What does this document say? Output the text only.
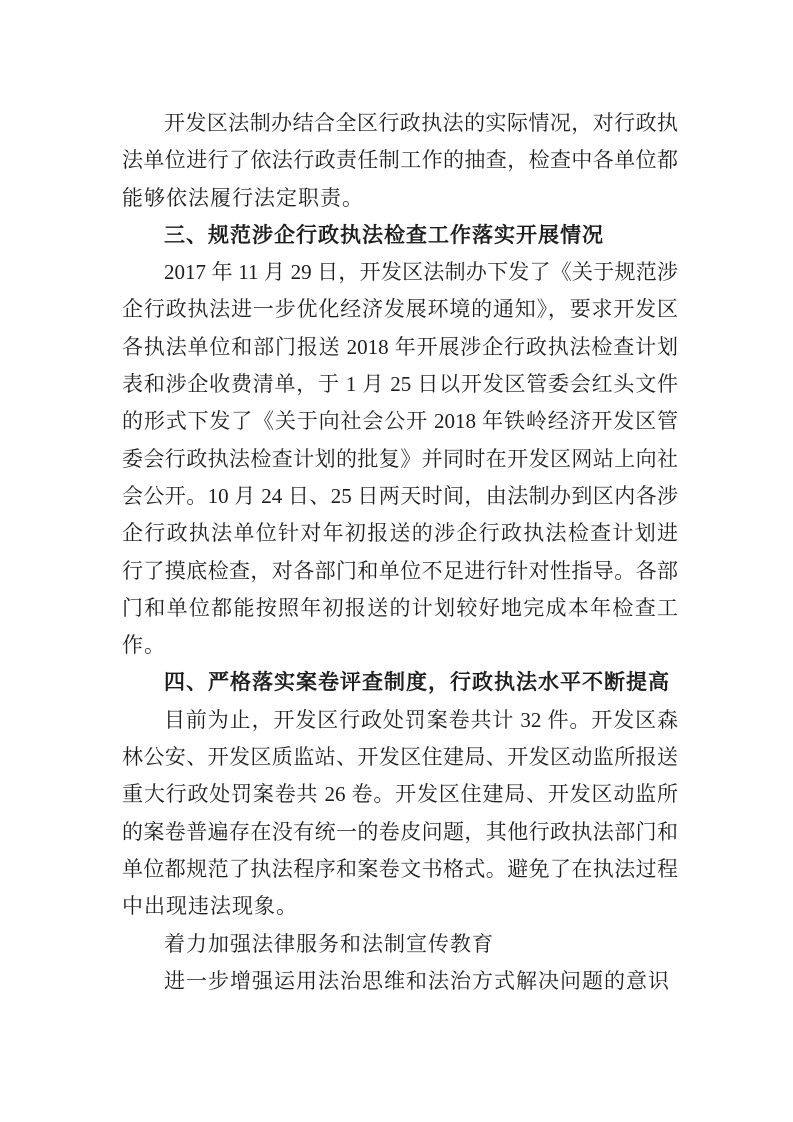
开发区法制办结合全区行政执法的实际情况，对行政执
法单位进行了依法行政责任制工作的抽查，检查中各单位都
能够依法履行法定职责。
三、规范涉企行政执法检查工作落实开展情况
2017 年 11 月 29 日，开发区法制办下发了《关于规范涉
企行政执法进一步优化经济发展环境的通知》，要求开发区
各执法单位和部门报送 2018 年开展涉企行政执法检查计划
表和涉企收费清单，于 1 月 25 日以开发区管委会红头文件
的形式下发了《关于向社会公开 2018 年铁岭经济开发区管
委会行政执法检查计划的批复》并同时在开发区网站上向社
会公开。10 月 24 日、25 日两天时间，由法制办到区内各涉
企行政执法单位针对年初报送的涉企行政执法检查计划进
行了摸底检查，对各部门和单位不足进行针对性指导。各部
门和单位都能按照年初报送的计划较好地完成本年检查工
作。
四、严格落实案卷评查制度，行政执法水平不断提高
目前为止，开发区行政处罚案卷共计 32 件。开发区森
林公安、开发区质监站、开发区住建局、开发区动监所报送
重大行政处罚案卷共 26 卷。开发区住建局、开发区动监所
的案卷普遍存在没有统一的卷皮问题，其他行政执法部门和
单位都规范了执法程序和案卷文书格式。避免了在执法过程
中出现违法现象。
着力加强法律服务和法制宣传教育
进一步增强运用法治思维和法治方式解决问题的意识
